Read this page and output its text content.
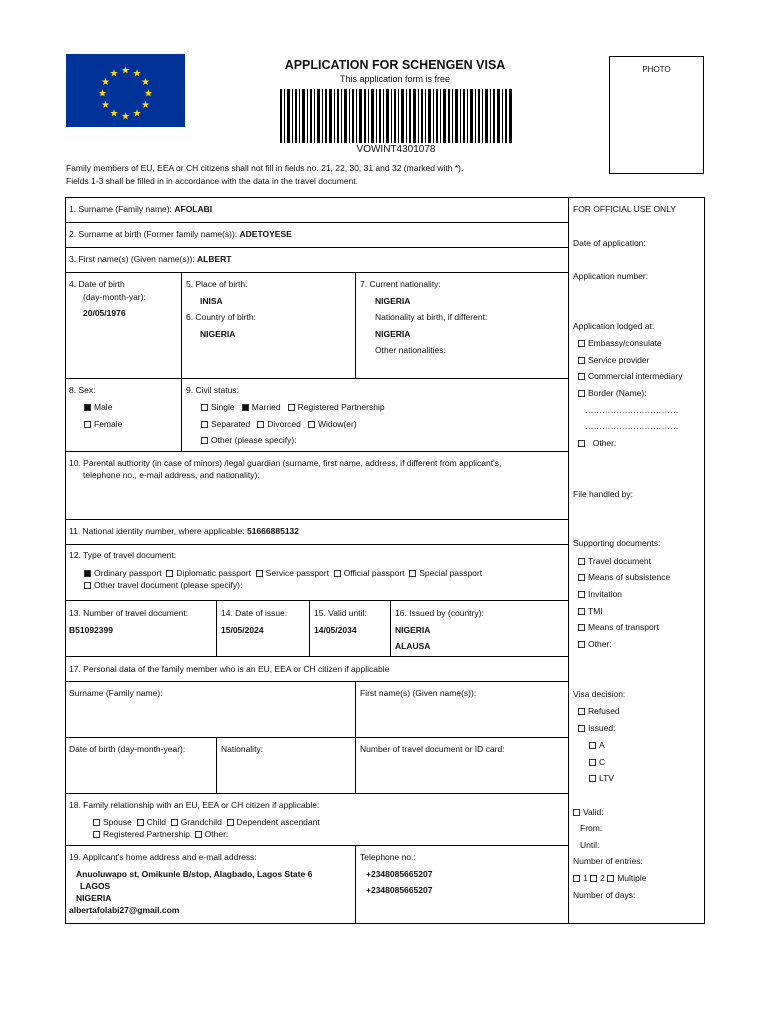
★ ★
★
★
★
★
★
★
★
★
★
★
APPLICATION FOR SCHENGEN VISA
This application form is free
VOWINT4301078
PHOTO
Family members of EU, EEA or CH citizens shall not fill in fields no. 21, 22, 30, 31 and 32 (marked with *).
Fields 1-3 shall be filled in in accordance with the data in the travel document.
1. Surname (Family name): AFOLABI
2. Surname at birth (Former family name(s)): ADETOYESE
3. First name(s) (Given name(s)): ALBERT
4. Date of birth
(day-month-yar):
20/05/1976
5. Place of birth:
INISA
6. Country of birth:
NIGERIA
7. Current nationality:
NIGERIA
Nationality at birth, if different:
NIGERIA
Other nationalities:
8. Sex:
Male
Female
9. Civil status:
Single Married Registered Partnership
Separated Divorced Widow(er)
Other (please specify):
10. Parental authority (in case of minors) /legal guardian (surname, first name, address, if different from applicant's,
telephone no., e-mail address, and nationality):
11. National identity number, where applicable: 51666885132
12. Type of travel document:
Ordinary passport Diplomatic passport Service passport Official passport Special passport
Other travel document (please specify):
13. Number of travel document:
B51092399
14. Date of issue:
15/05/2024
15. Valid until:
14/05/2034
16. Issued by (country):
NIGERIA
ALAUSA
17. Personal data of the family member who is an EU, EEA or CH citizen if applicable
Surname (Family name):	First name(s) (Given name(s)):
Date of birth (day-month-year):	Nationality:	Number of travel document or ID card:
18. Family relationship with an EU, EEA or CH citizen if applicable:
Spouse Child Grandchild Dependent ascendant
Registered Partnership Other:
19. Applicant's home address and e-mail address:
Anuoluwapo st, Omikunle B/stop, Alagbado, Lagos State 6
LAGOS
NIGERIA
albertafolabi27@gmail.com
Telephone no.:
+2348085665207
+2348085665207
FOR OFFICIAL USE ONLY
Date of application:
Application number:
Application lodged at:
Embassy/consulate
Service provider
Commercial intermediary
Border (Name):
……………………………
……………………………
Other:
File handled by:
Supporting documents:
Travel document
Means of subsistence
Invitation
TMI
Means of transport
Other:
Visa decision:
Refused
Issued:
A
C
LTV
Valid:
From:
Until:
Number of entries:
1 2 Multiple
Number of days:
